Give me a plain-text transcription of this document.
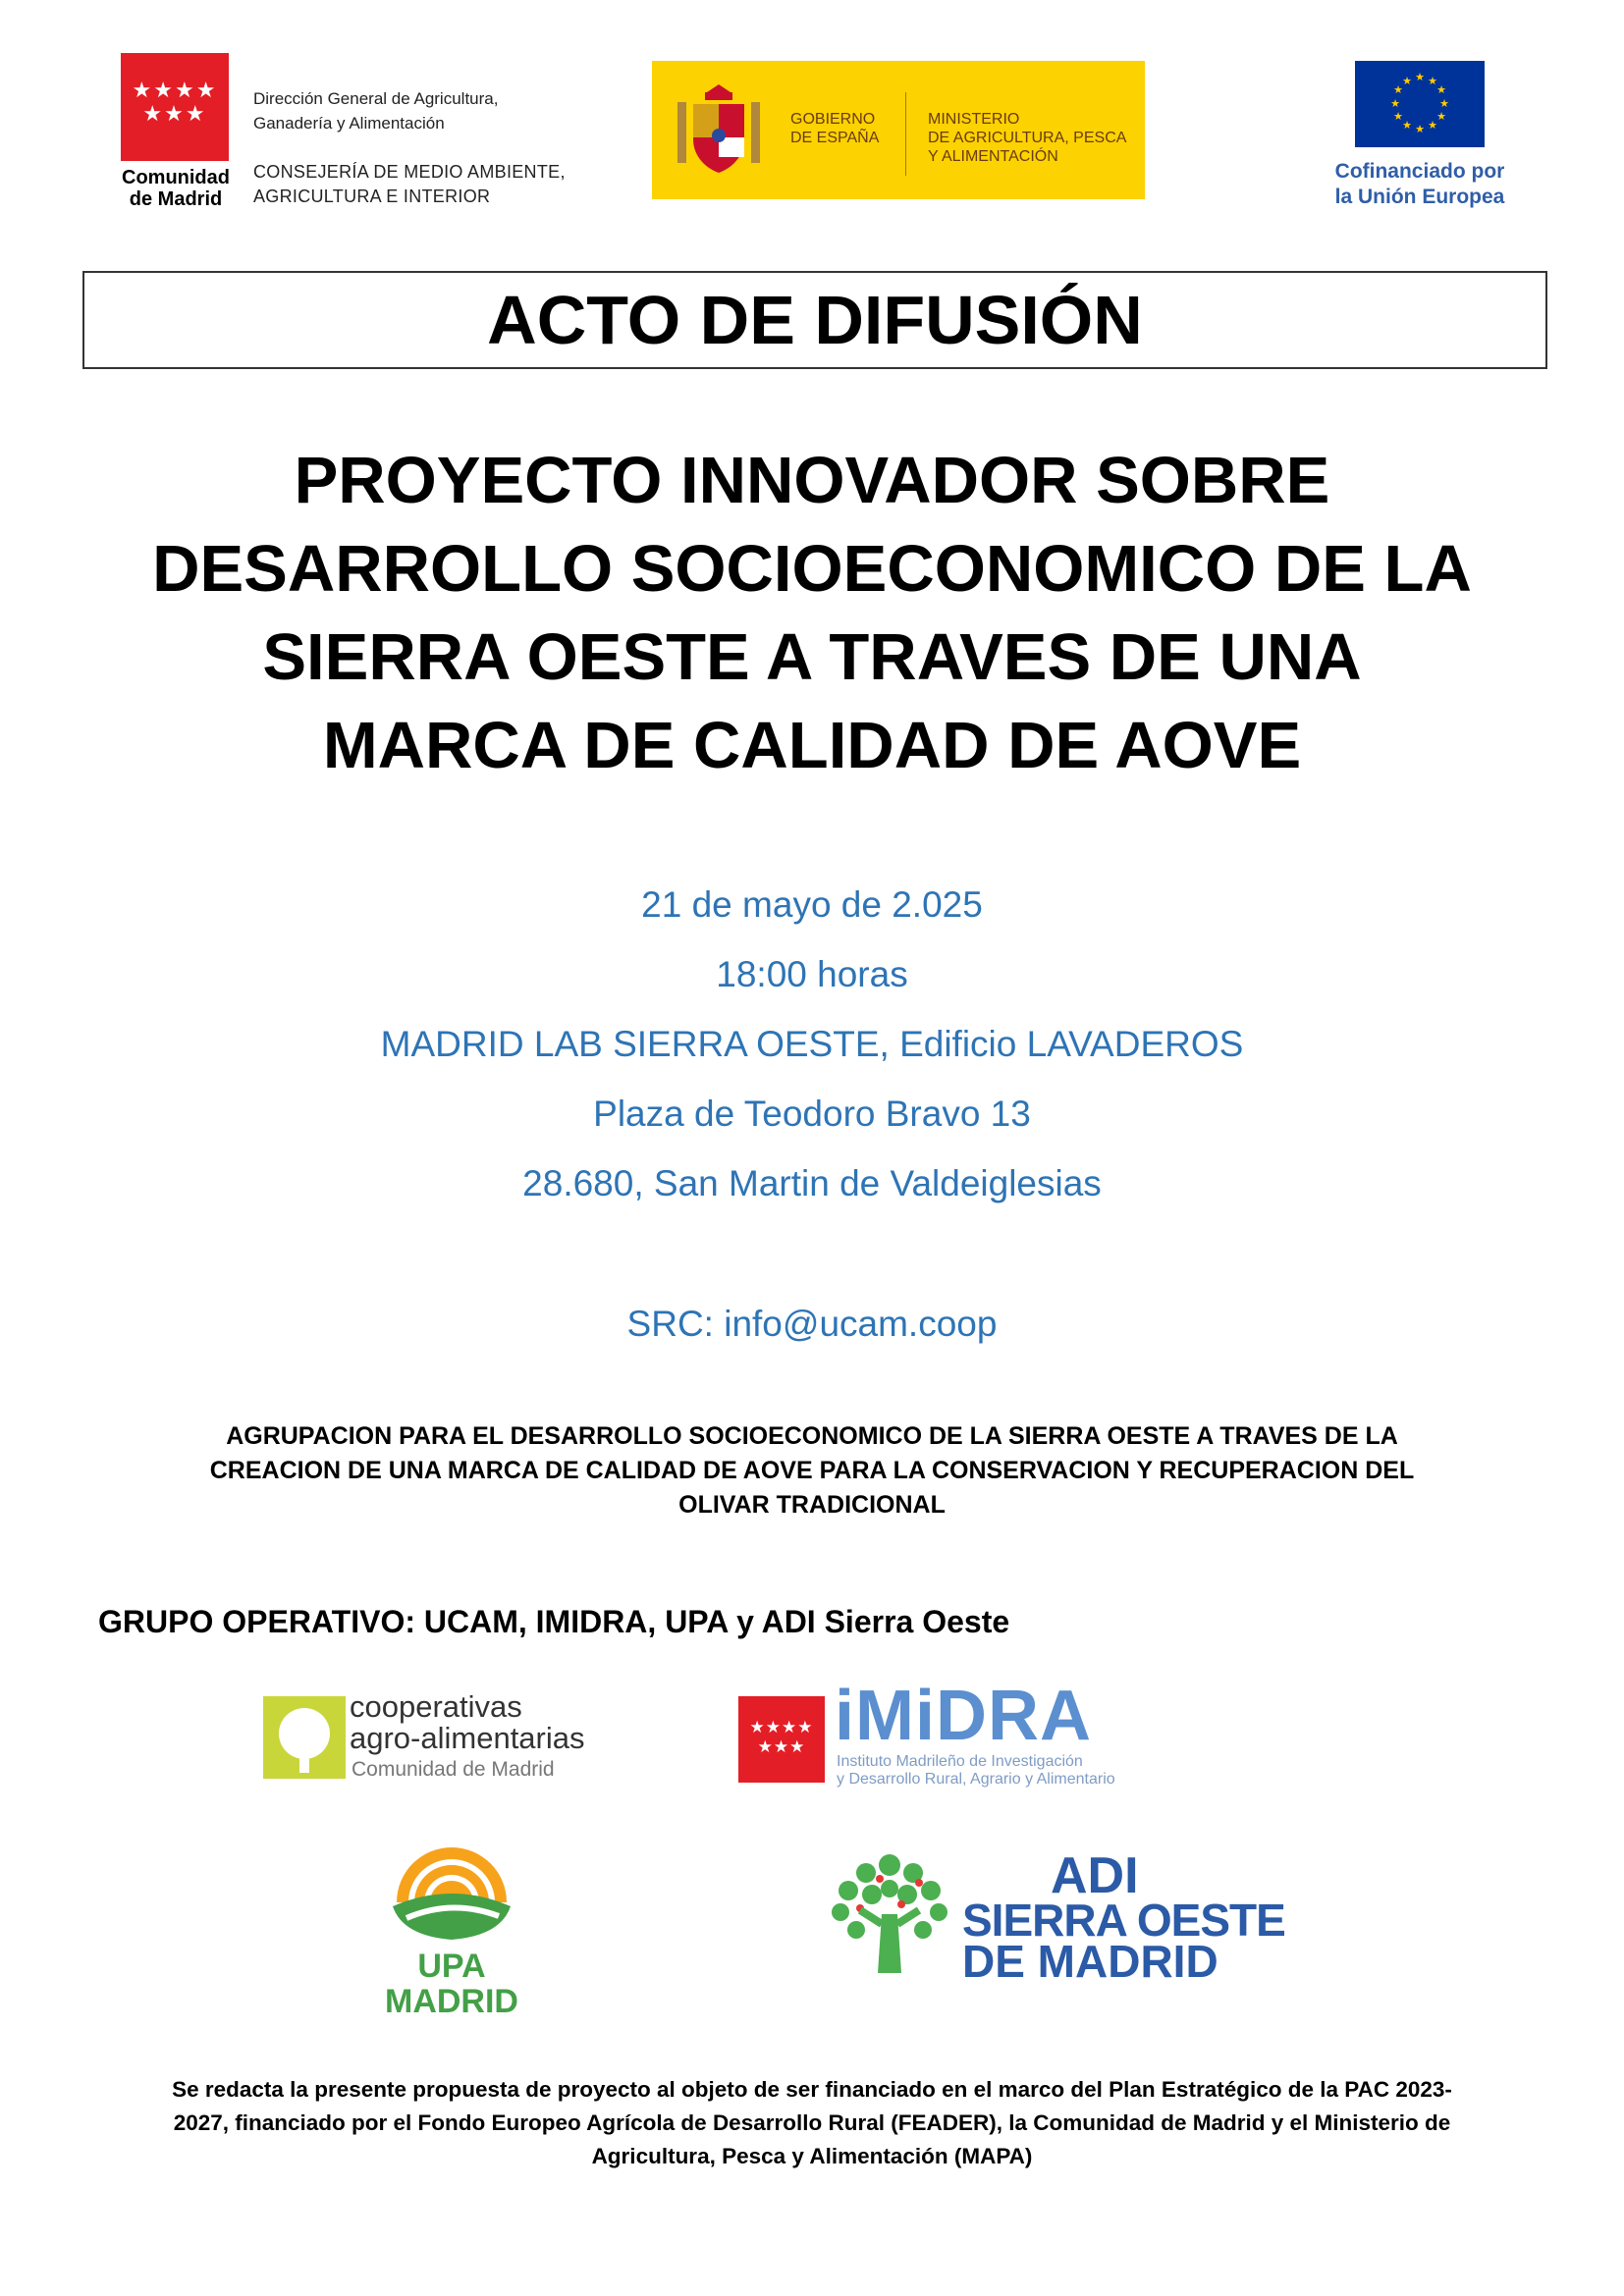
★★★★
★★★
Comunidad de Madrid
Dirección General de Agricultura,
Ganadería y Alimentación
CONSEJERÍA DE MEDIO AMBIENTE,
AGRICULTURA E INTERIOR
GOBIERNO
DE ESPAÑA
MINISTERIO
DE AGRICULTURA, PESCA
Y ALIMENTACIÓN
★ ★
★
★
★
★
★
★
★
★
★
★
Cofinanciado por
la Unión Europea
ACTO DE DIFUSIÓN
PROYECTO INNOVADOR SOBRE
DESARROLLO SOCIOECONOMICO DE LA
SIERRA OESTE A TRAVES DE UNA
MARCA DE CALIDAD DE AOVE
21 de mayo de 2.025
18:00 horas
MADRID LAB SIERRA OESTE, Edificio LAVADEROS
Plaza de Teodoro Bravo 13
28.680, San Martin de Valdeiglesias
SRC: info@ucam.coop
AGRUPACION PARA EL DESARROLLO SOCIOECONOMICO DE LA SIERRA OESTE A TRAVES DE LA
CREACION DE UNA MARCA DE CALIDAD DE AOVE PARA LA CONSERVACION Y RECUPERACION DEL
OLIVAR TRADICIONAL
GRUPO OPERATIVO: UCAM, IMIDRA, UPA y ADI Sierra Oeste
cooperativas
agro-alimentarias
Comunidad de Madrid
★★★★
★★★ iMiDRA
Instituto Madrileño de Investigación
y Desarrollo Rural, Agrario y Alimentario
UPA
MADRID
ADI
SIERRA OESTE
DE MADRID
Se redacta la presente propuesta de proyecto al objeto de ser financiado en el marco del Plan Estratégico de la PAC 2023-
2027, financiado por el Fondo Europeo Agrícola de Desarrollo Rural (FEADER), la Comunidad de Madrid y el Ministerio de
Agricultura, Pesca y Alimentación (MAPA)
